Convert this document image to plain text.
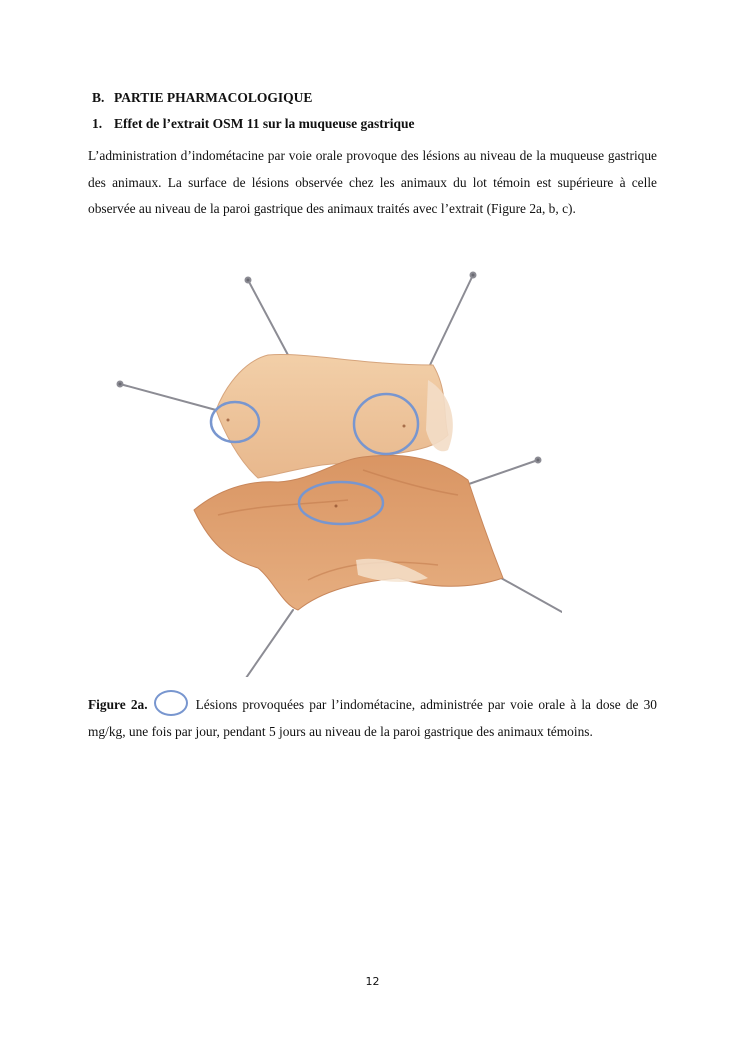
B. PARTIE PHARMACOLOGIQUE
1. Effet de l’extrait OSM 11 sur la muqueuse gastrique

L’administration d’indométacine par voie orale provoque des lésions au niveau de la muqueuse gastrique des animaux. La surface de lésions observée chez les animaux du lot témoin est supérieure à celle observée au niveau de la paroi gastrique des animaux traités avec l’extrait (Figure 2a, b, c).

Figure 2a.	Lésions provoquées par l’indométacine, administrée par voie orale à la dose de 30 mg/kg, une fois par jour, pendant 5 jours au niveau de la paroi gastrique des animaux témoins.

12
